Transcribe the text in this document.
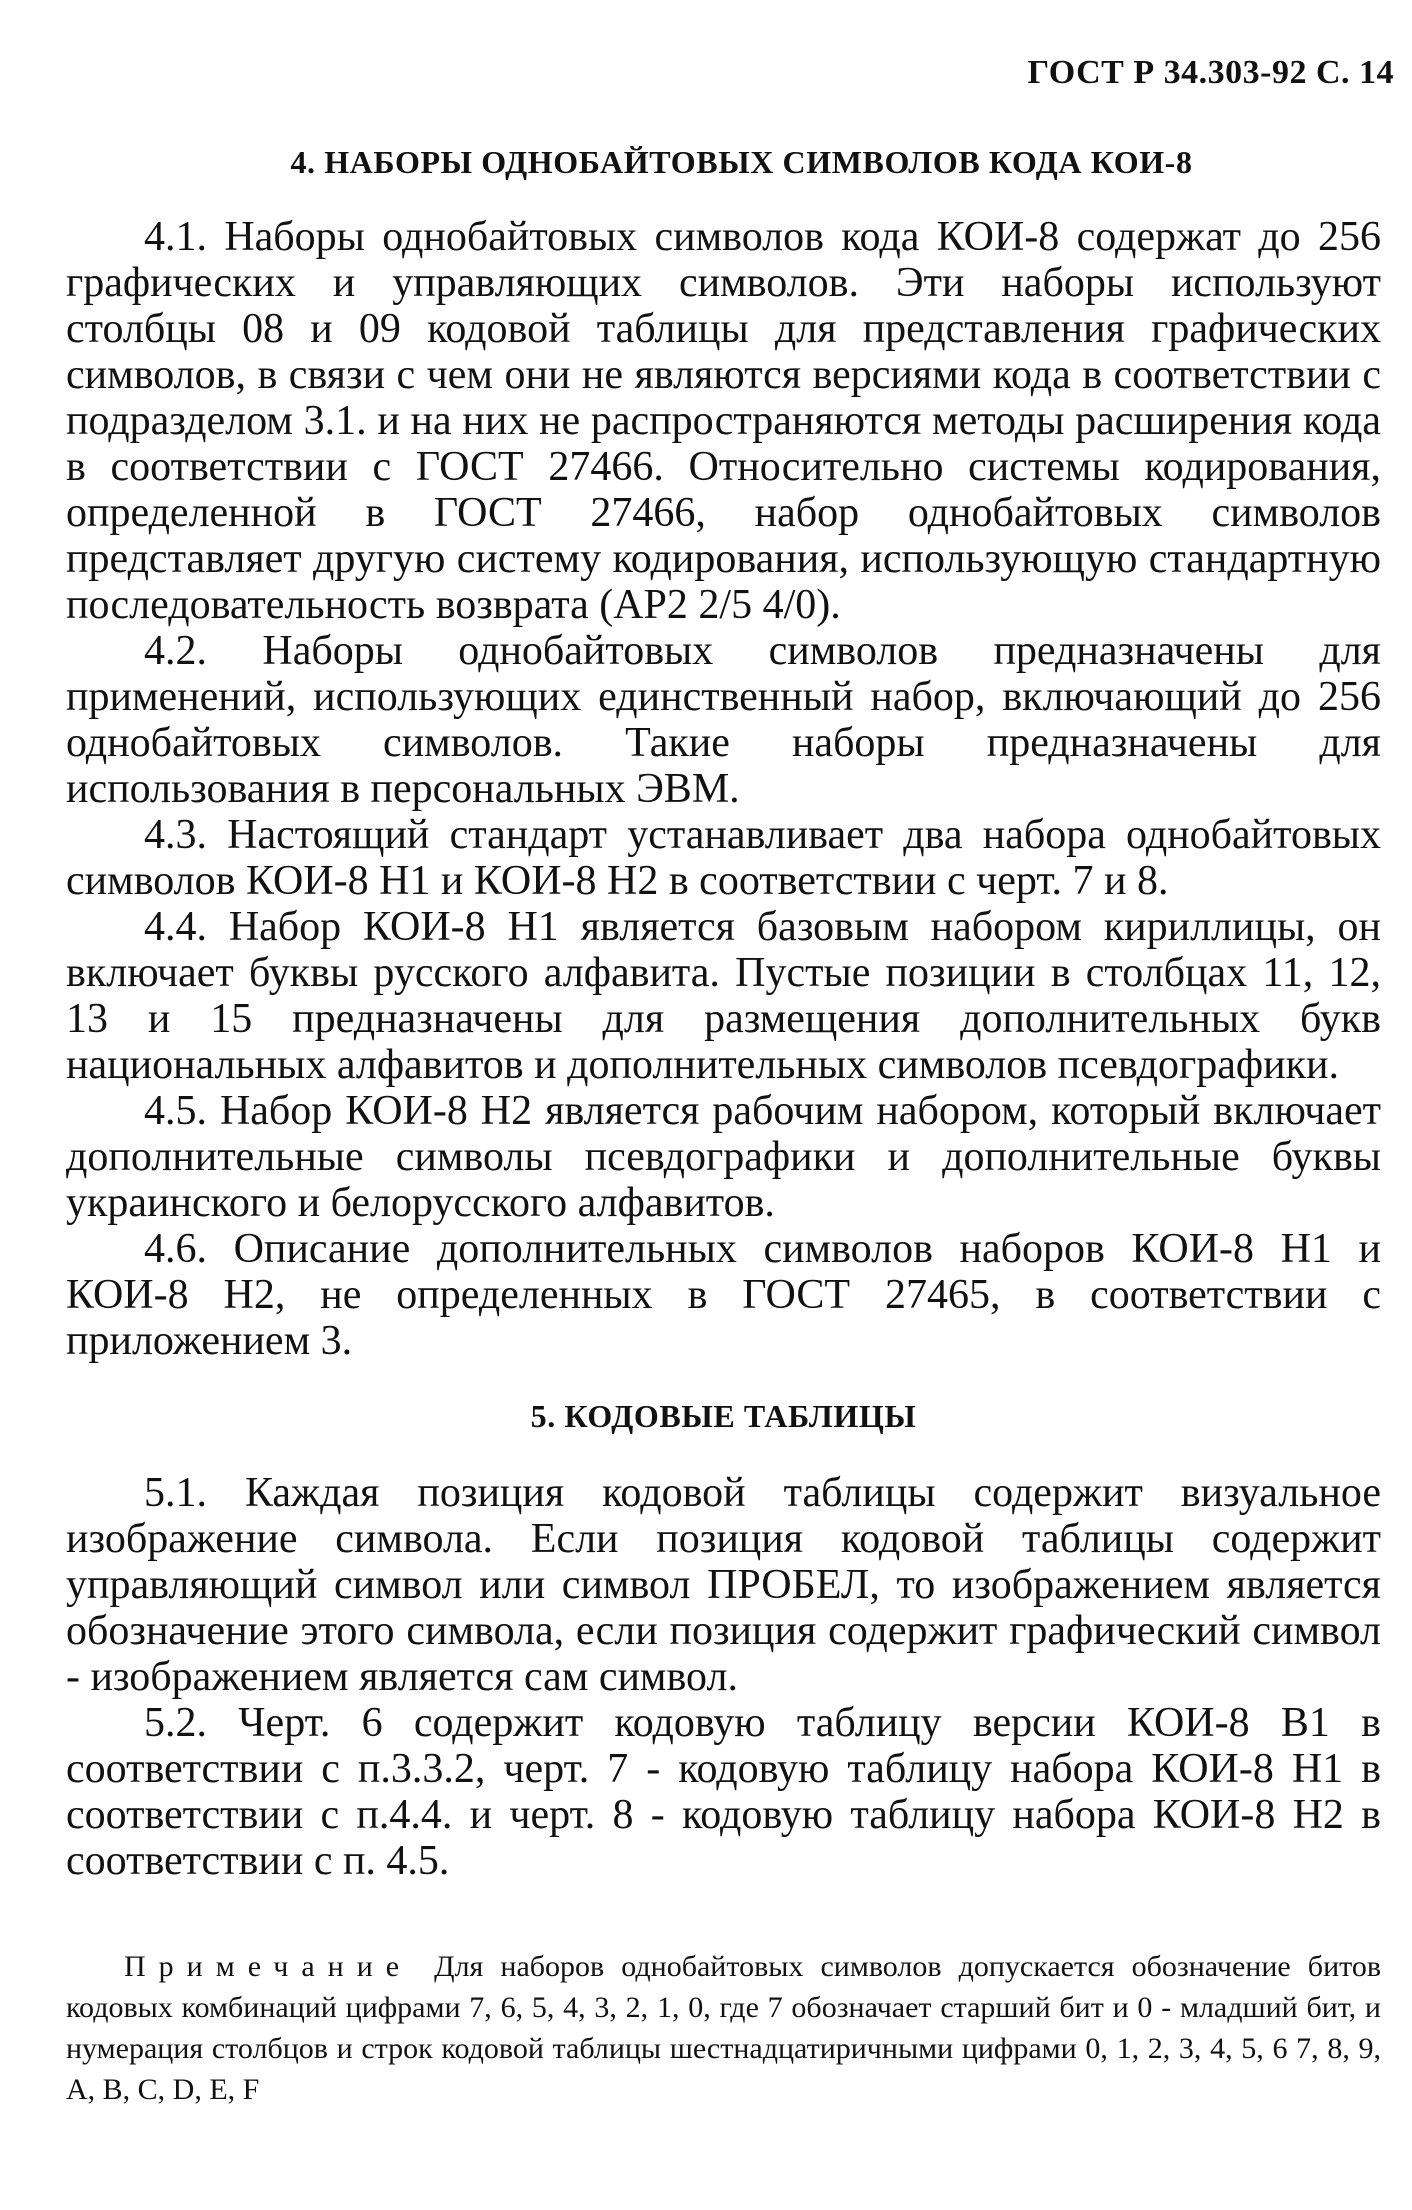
ГОСТ Р 34.303-92 С. 14
4. НАБОРЫ ОДНОБАЙТОВЫХ СИМВОЛОВ КОДА КОИ-8

4.1. Наборы однобайтовых символов кода КОИ-8 содержат до 256 графических и управляющих символов. Эти наборы используют столбцы 08 и 09 кодовой таблицы для представления графических символов, в связи с чем они не являются версиями кода в соответствии с подразделом 3.1. и на них не распространяются методы расширения кода в соответствии с ГОСТ 27466. Относительно системы кодирования, определенной в ГОСТ 27466, набор однобайтовых символов представляет другую систему кодирования, использующую стандартную последовательность возврата (АР2 2/5 4/0).

4.2. Наборы однобайтовых символов предназначены для применений, использующих единственный набор, включающий до 256 однобайтовых символов. Такие наборы предназначены для использования в персональных ЭВМ.

4.3. Настоящий стандарт устанавливает два набора однобайтовых символов КОИ-8 Н1 и КОИ-8 Н2 в соответствии с черт. 7 и 8.

4.4. Набор КОИ-8 Н1 является базовым набором кириллицы, он включает буквы русского алфавита. Пустые позиции в столбцах 11, 12, 13 и 15 предназначены для размещения дополнительных букв национальных алфавитов и дополнительных символов псевдографики.

4.5. Набор КОИ-8 Н2 является рабочим набором, который включает дополнительные символы псевдографики и дополнительные буквы украинского и белорусского алфавитов.

4.6. Описание дополнительных символов наборов КОИ-8 Н1 и КОИ-8 Н2, не определенных в ГОСТ 27465, в соответствии с приложением 3.

5. КОДОВЫЕ ТАБЛИЦЫ

5.1. Каждая позиция кодовой таблицы содержит визуальное изображение символа. Если позиция кодовой таблицы содержит управляющий символ или символ ПРОБЕЛ, то изображением является обозначение этого символа, если позиция содержит графический символ - изображением является сам символ.

5.2. Черт. 6 содержит кодовую таблицу версии КОИ-8 В1 в соответствии с п.3.3.2, черт. 7 - кодовую таблицу набора КОИ-8 Н1 в соответствии с п.4.4. и черт. 8 - кодовую таблицу набора КОИ-8 Н2 в соответствии с п. 4.5.

Примечание Для наборов однобайтовых символов допускается обозначение битов кодовых комбинаций цифрами 7, 6, 5, 4, 3, 2, 1, 0, где 7 обозначает старший бит и 0 - младший бит, и нумерация столбцов и строк кодовой таблицы шестнадцатиричными цифрами 0, 1, 2, 3, 4, 5, 6 7, 8, 9, A, B, C, D, E, F
